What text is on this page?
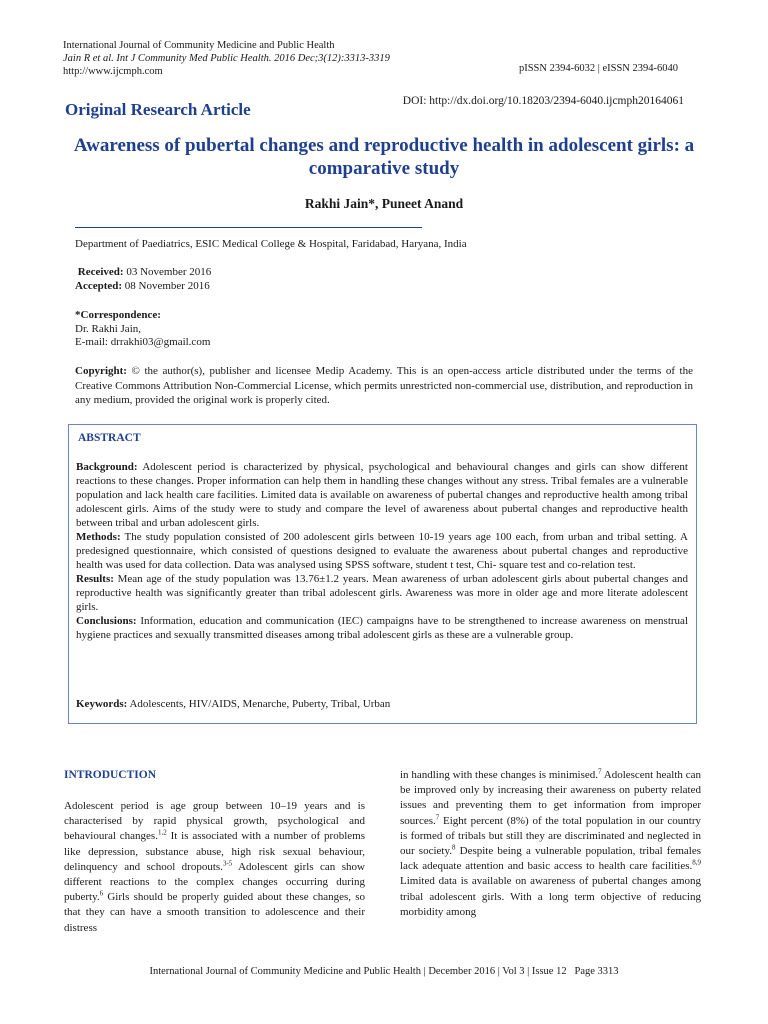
International Journal of Community Medicine and Public Health
Jain R et al. Int J Community Med Public Health. 2016 Dec;3(12):3313-3319
http://www.ijcmph.com	pISSN 2394-6032 | eISSN 2394-6040
DOI: http://dx.doi.org/10.18203/2394-6040.ijcmph20164061
Original Research Article
Awareness of pubertal changes and reproductive health in adolescent girls: a comparative study
Rakhi Jain*, Puneet Anand
Department of Paediatrics, ESIC Medical College & Hospital, Faridabad, Haryana, India
Received: 03 November 2016
Accepted: 08 November 2016
*Correspondence:
Dr. Rakhi Jain,
E-mail: drrakhi03@gmail.com
Copyright: © the author(s), publisher and licensee Medip Academy. This is an open-access article distributed under the terms of the Creative Commons Attribution Non-Commercial License, which permits unrestricted non-commercial use, distribution, and reproduction in any medium, provided the original work is properly cited.
ABSTRACT

Background: Adolescent period is characterized by physical, psychological and behavioural changes and girls can show different reactions to these changes. Proper information can help them in handling these changes without any stress. Tribal females are a vulnerable population and lack health care facilities. Limited data is available on awareness of pubertal changes and reproductive health among tribal adolescent girls. Aims of the study were to study and compare the level of awareness about pubertal changes and reproductive health between tribal and urban adolescent girls.

Methods: The study population consisted of 200 adolescent girls between 10-19 years age 100 each, from urban and tribal setting. A predesigned questionnaire, which consisted of questions designed to evaluate the awareness about pubertal changes and reproductive health was used for data collection. Data was analysed using SPSS software, student t test, Chi- square test and co-relation test.

Results: Mean age of the study population was 13.76±1.2 years. Mean awareness of urban adolescent girls about pubertal changes and reproductive health was significantly greater than tribal adolescent girls. Awareness was more in older age and more literate adolescent girls.

Conclusions: Information, education and communication (IEC) campaigns have to be strengthened to increase awareness on menstrual hygiene practices and sexually transmitted diseases among tribal adolescent girls as these are a vulnerable group.

Keywords: Adolescents, HIV/AIDS, Menarche, Puberty, Tribal, Urban
INTRODUCTION
Adolescent period is age group between 10–19 years and is characterised by rapid physical growth, psychological and behavioural changes.$^{1,2}$ It is associated with a number of problems like depression, substance abuse, high risk sexual behaviour, delinquency and school dropouts.$^{3-5}$ Adolescent girls can show different reactions to the complex changes occurring during puberty.$^6$ Girls should be properly guided about these changes, so that they can have a smooth transition to adolescence and their distress
in handling with these changes is minimised.$^7$ Adolescent health can be improved only by increasing their awareness on puberty related issues and preventing them to get information from improper sources.$^7$ Eight percent (8%) of the total population in our country is formed of tribals but still they are discriminated and neglected in our society.$^8$ Despite being a vulnerable population, tribal females lack adequate attention and basic access to health care facilities.$^{8,9}$ Limited data is available on awareness of pubertal changes among tribal adolescent girls. With a long term objective of reducing morbidity among
International Journal of Community Medicine and Public Health | December 2016 | Vol 3 | Issue 12 Page 3313
